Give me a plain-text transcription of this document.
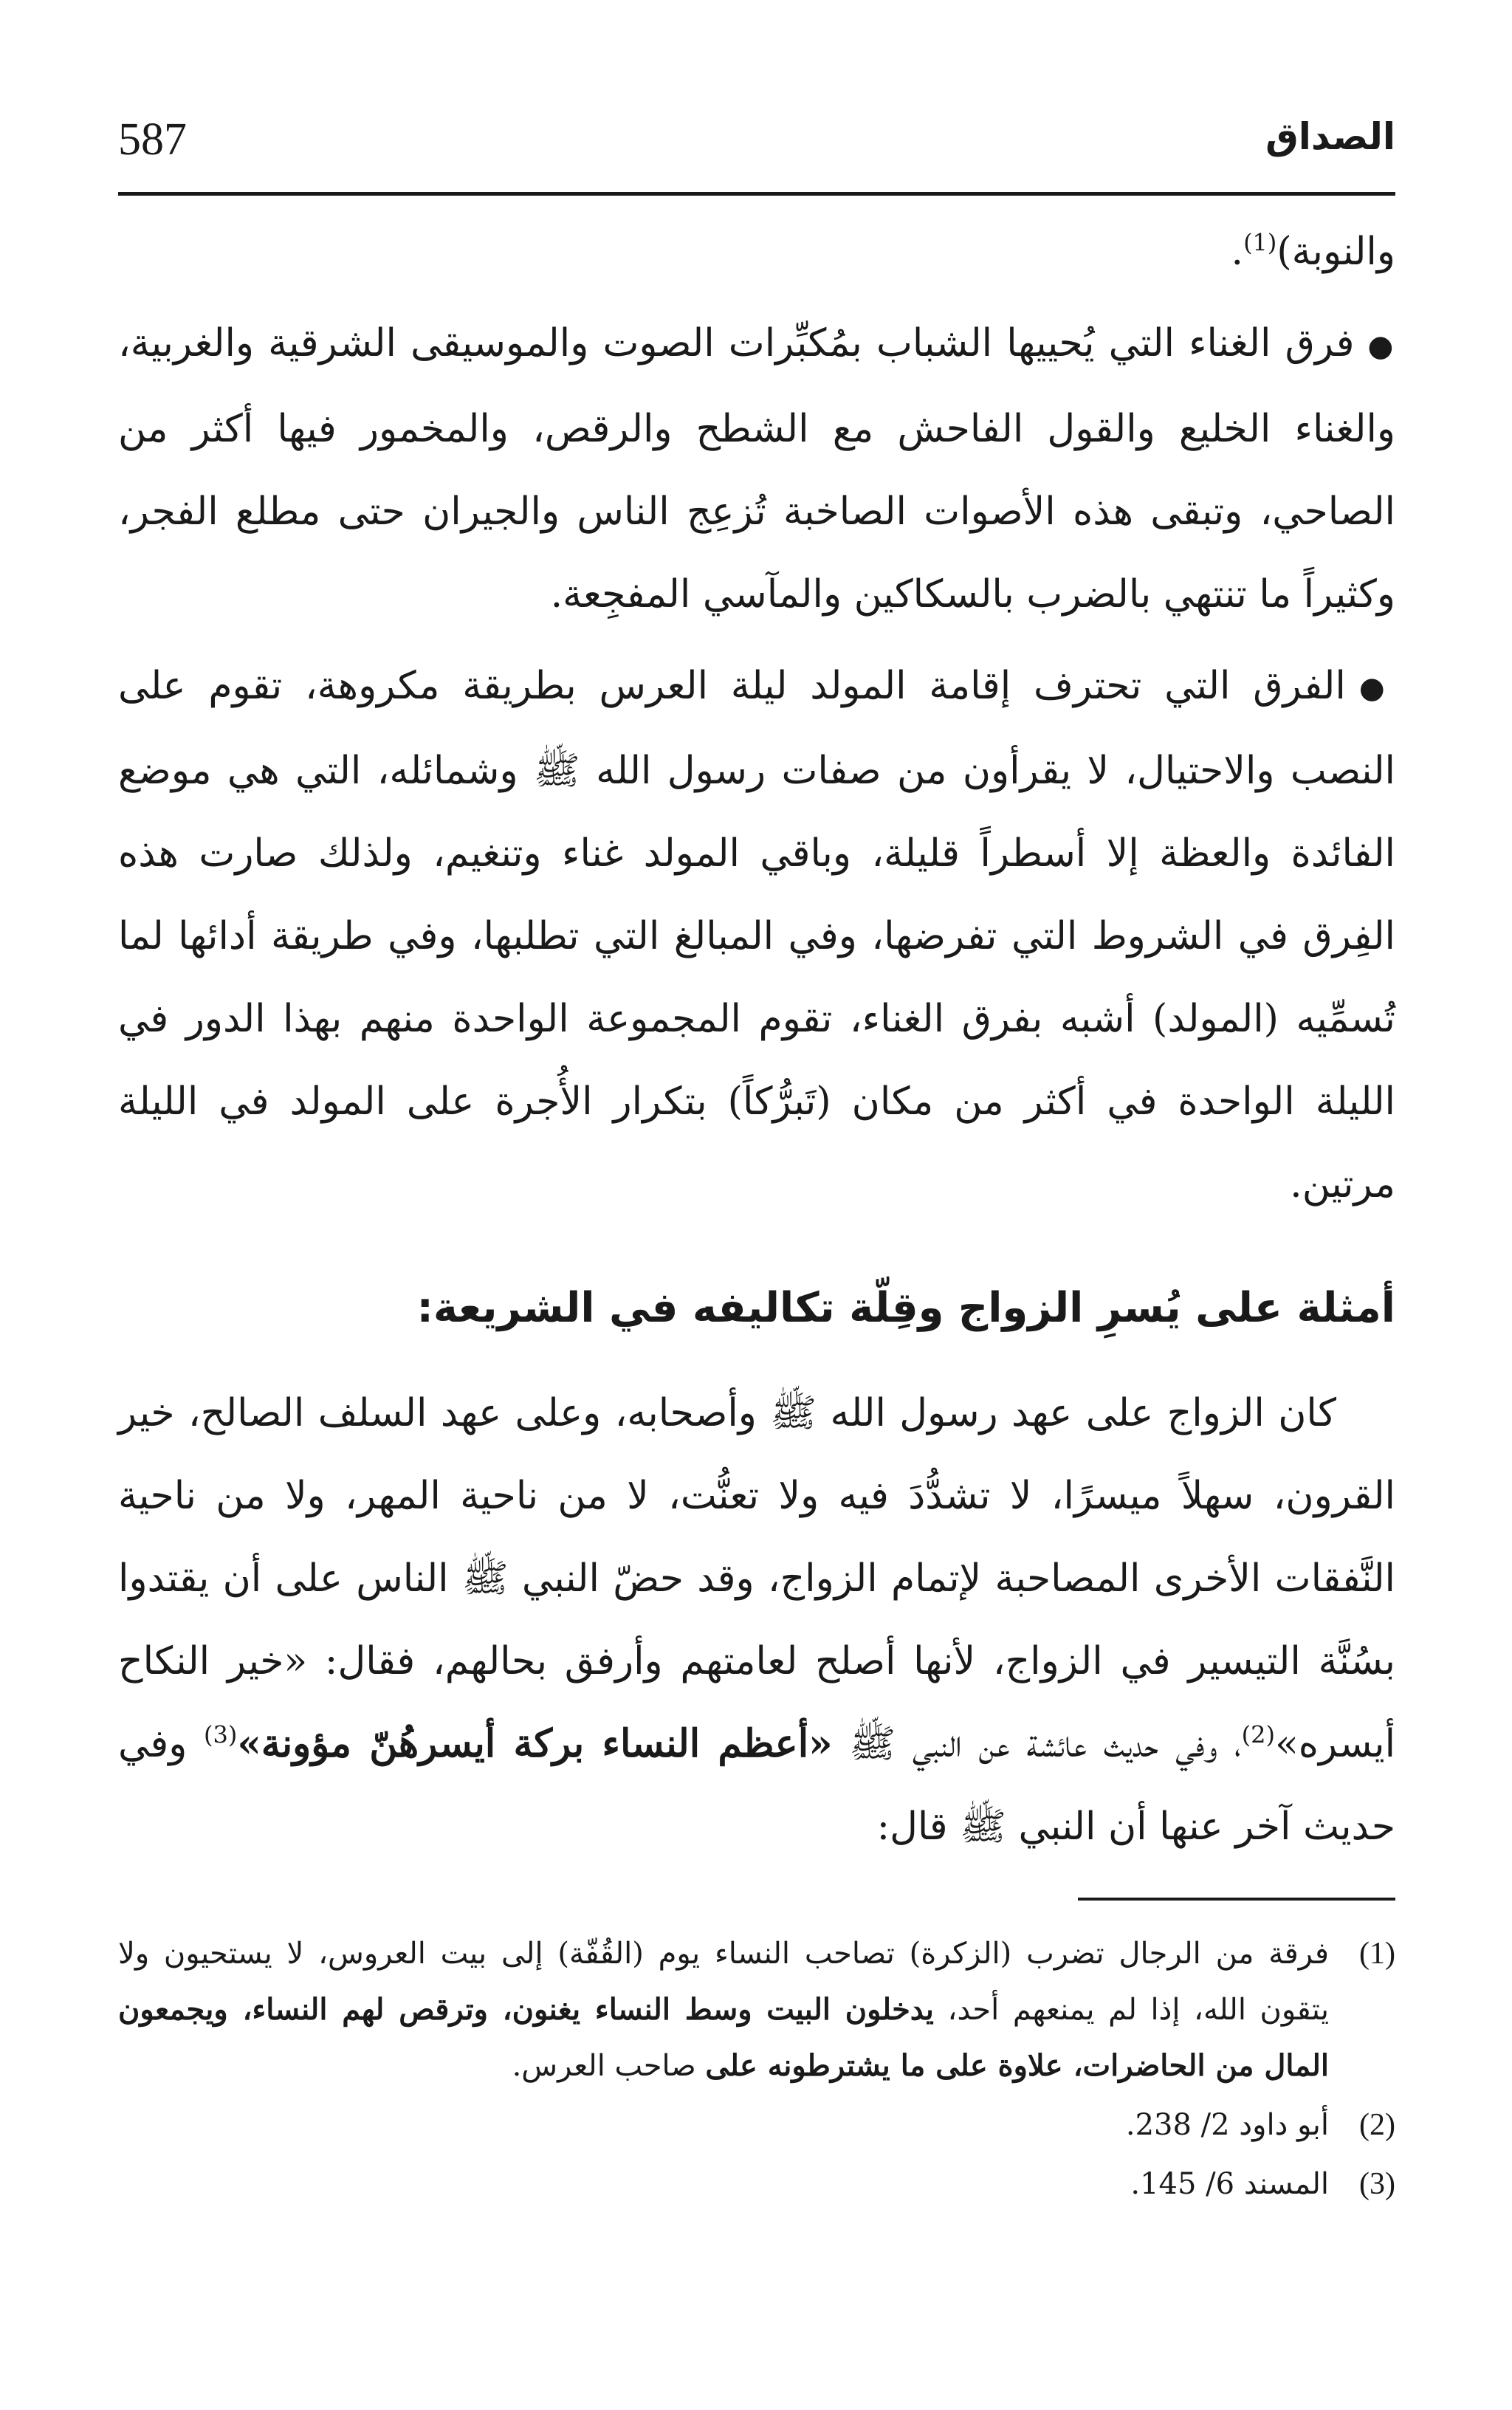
587	الصداق

والنوبة)$^{(1)}$.

●فرق الغناء التي يُحييها الشباب بمُكبِّرات الصوت والموسيقى الشرقية والغربية، والغناء الخليع والقول الفاحش مع الشطح والرقص، والمخمور فيها أكثر من الصاحي، وتبقى هذه الأصوات الصاخبة تُزعِج الناس والجيران حتى مطلع الفجر، وكثيراً ما تنتهي بالضرب بالسكاكين والمآسي المفجِعة.

●الفرق التي تحترف إقامة المولد ليلة العرس بطريقة مكروهة، تقوم على النصب والاحتيال، لا يقرأون من صفات رسول الله ﷺ وشمائله، التي هي موضع الفائدة والعظة إلا أسطراً قليلة، وباقي المولد غناء وتنغيم، ولذلك صارت هذه الفِرق في الشروط التي تفرضها، وفي المبالغ التي تطلبها، وفي طريقة أدائها لما تُسمِّيه (المولد) أشبه بفرق الغناء، تقوم المجموعة الواحدة منهم بهذا الدور في الليلة الواحدة في أكثر من مكان (تَبرُّكاً) بتكرار الأُجرة على المولد في الليلة مرتين.

أمثلة على يُسرِ الزواج وقِلّة تكاليفه في الشريعة:

كان الزواج على عهد رسول الله ﷺ وأصحابه، وعلى عهد السلف الصالح، خير القرون، سهلاً ميسرًا، لا تشدُّدَ فيه ولا تعنُّت، لا من ناحية المهر، ولا من ناحية النَّفقات الأخرى المصاحبة لإتمام الزواج، وقد حضّ النبي ﷺ الناس على أن يقتدوا بسُنَّة التيسير في الزواج، لأنها أصلح لعامتهم وأرفق بحالهم، فقال: «خير النكاح أيسره»$^{(2)}$، وفي حديث عائشة عن النبي ﷺ «أعظم النساء بركة أيسرهُنّ مؤونة»$^{(3)}$ وفي حديث آخر عنها أن النبي ﷺ قال:

(1)
فرقة من الرجال تضرب (الزكرة) تصاحب النساء يوم (القُفّة) إلى بيت العروس، لا يستحيون ولا يتقون الله، إذا لم يمنعهم أحد، يدخلون البيت وسط النساء يغنون، وترقص لهم النساء، ويجمعون المال من الحاضرات، علاوة على ما يشترطونه على صاحب العرس.
(2)
أبو داود 2/ 238.
(3)
المسند 6/ 145.
